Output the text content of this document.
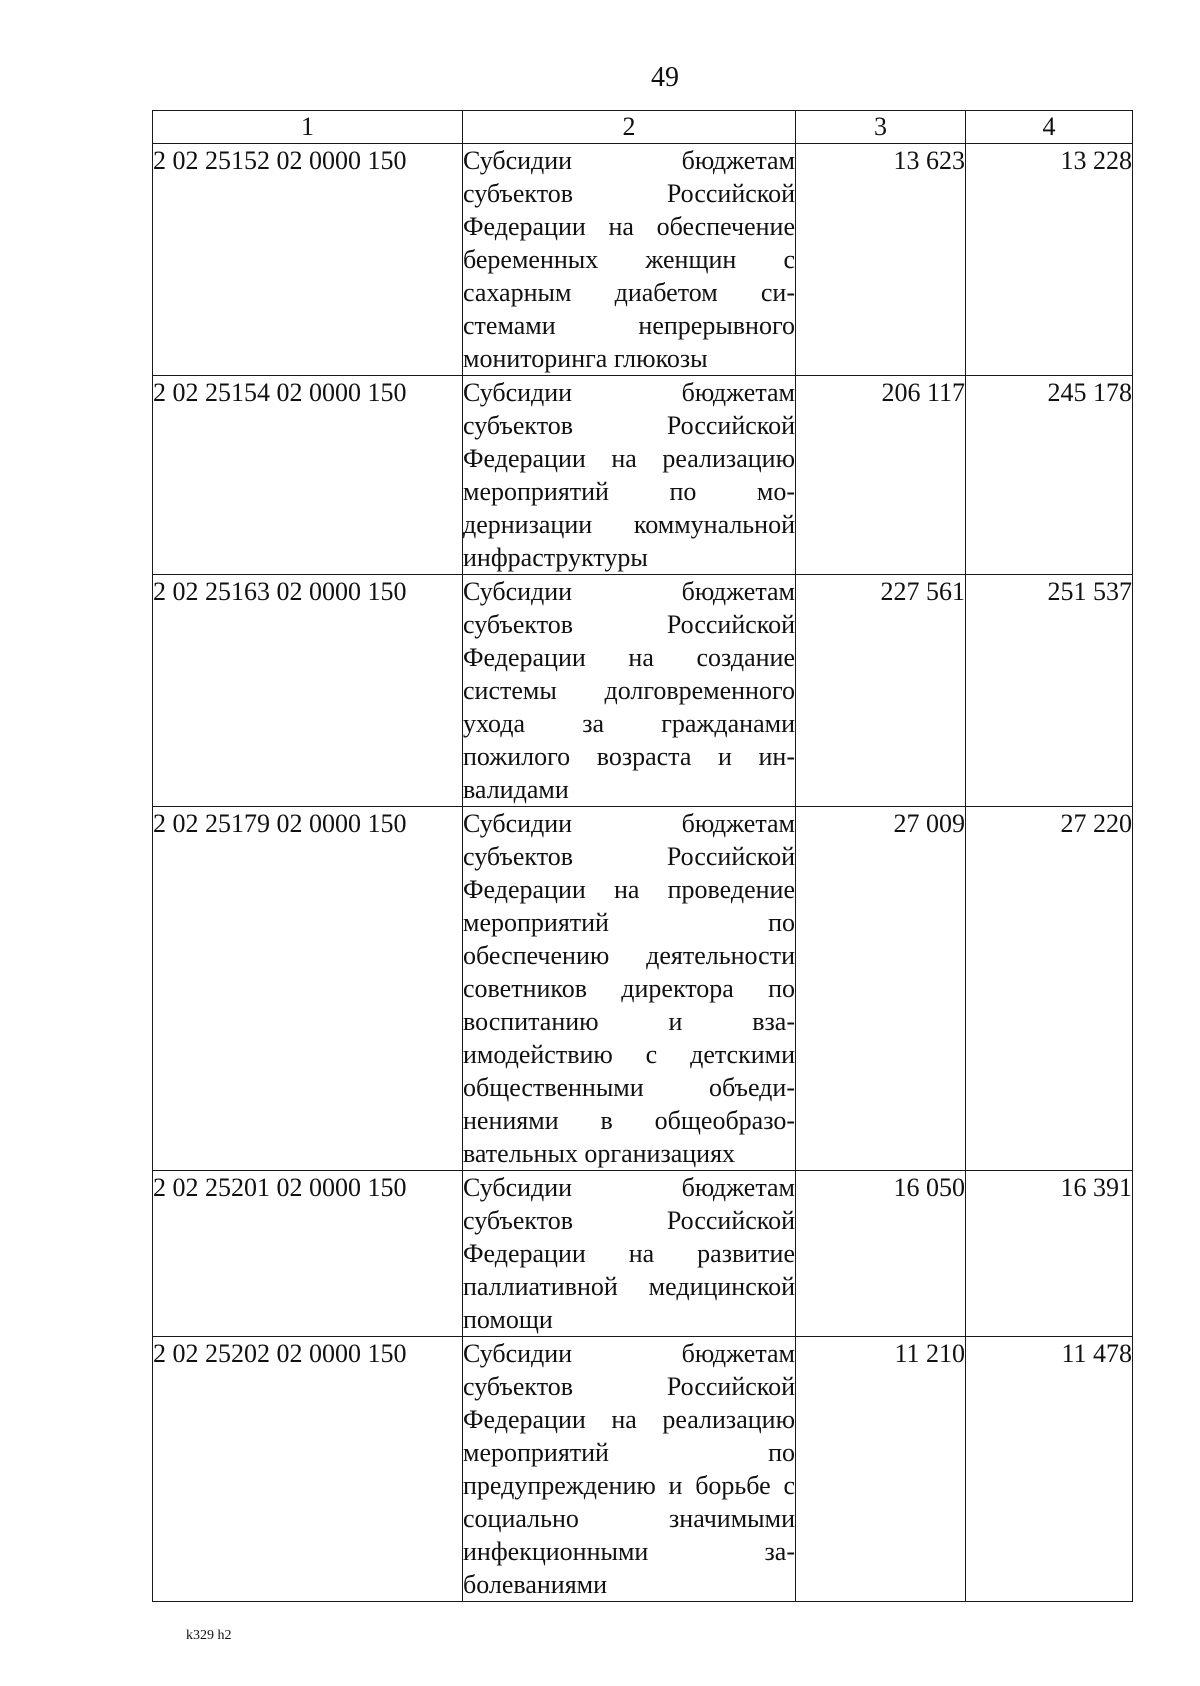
49
1	2	3	4
2 02 25152 02 0000 150	Субсидии бюджетам субъектов Российской Федерации на обеспечение беременных женщин с сахарным диабетом системами непрерывного мониторинга глюкозы	13 623	13 228
2 02 25154 02 0000 150	Субсидии бюджетам субъектов Российской Федерации на реализацию мероприятий по модернизации коммунальной инфраструктуры	206 117	245 178
2 02 25163 02 0000 150	Субсидии бюджетам субъектов Российской Федерации на создание системы долговременного ухода за гражданами пожилого возраста и инвалидами	227 561	251 537
2 02 25179 02 0000 150	Субсидии бюджетам субъектов Российской Федерации на проведение мероприятий по обеспечению деятельности советников директора по воспитанию и взаимодействию с детскими общественными объединениями в общеобразовательных организациях	27 009	27 220
2 02 25201 02 0000 150	Субсидии бюджетам субъектов Российской Федерации на развитие паллиативной медицинской помощи	16 050	16 391
2 02 25202 02 0000 150	Субсидии бюджетам субъектов Российской Федерации на реализацию мероприятий по предупреждению и борьбе с социально значимыми инфекционными заболеваниями	11 210	11 478
k329 h2
